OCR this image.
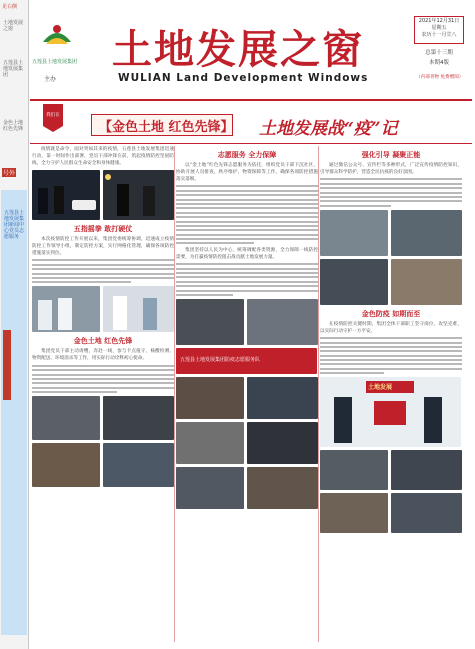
见右侧
土地发展之窗
五莲县土地发展集团
金色土地红色先锋
号外
五莲县土地发展集团新闻中心党员志愿服务
五莲县土地发展集团
主办
土地发展之窗
WULIAN Land Development Windows
2021年12月31日
星期五
农历十一月廿八
总第十三期
本期4版
（内部刊物 免费赠阅）
我们在
【金色土地 红色先锋】 土地发展战“疫”记

疫情就是命令，面对突如其来的疫情，五莲县土地发展集团迅速行动，第一时间作出部署，党员干部冲锋在前，筑起疫情防控坚固防线，全力守护人民群众生命安全和身体健康。

五指摇拳 敢打硬仗

本次疫情防控工作开展以来，集团党委统筹协调，迅速成立疫情防控工作领导小组，制定防控方案，实行网格化管理，确保各项防控措施落实到位。

金色土地 红色先锋

集团党员干部主动请缨，奔赴一线，参与卡点值守、核酸检测、物资配送、环境消杀等工作，用实际行动诠释初心使命。

志愿服务 全力保障

以“金土地”红色先锋志愿服务为依托，组织党员干部下沉社区，协助开展人员排查、秩序维护、物资保障等工作，确保各项防控措施落实落细。

集团坚持以人民为中心，统筹调配各类资源，全力保障一线防控需要，为打赢疫情防控阻击战贡献土地发展力量。

五莲县土地发展集团防疫志愿服务队
强化引导 凝聚正能

通过微信公众号、宣传栏等多种形式，广泛宣传疫情防控知识，引导群众科学防护，营造全民抗疫的良好氛围。

金色防疫 如期而至

在疫情防控关键时期，集团全体干部职工坚守岗位，攻坚克难，以实际行动守护一方平安。

土地发展
